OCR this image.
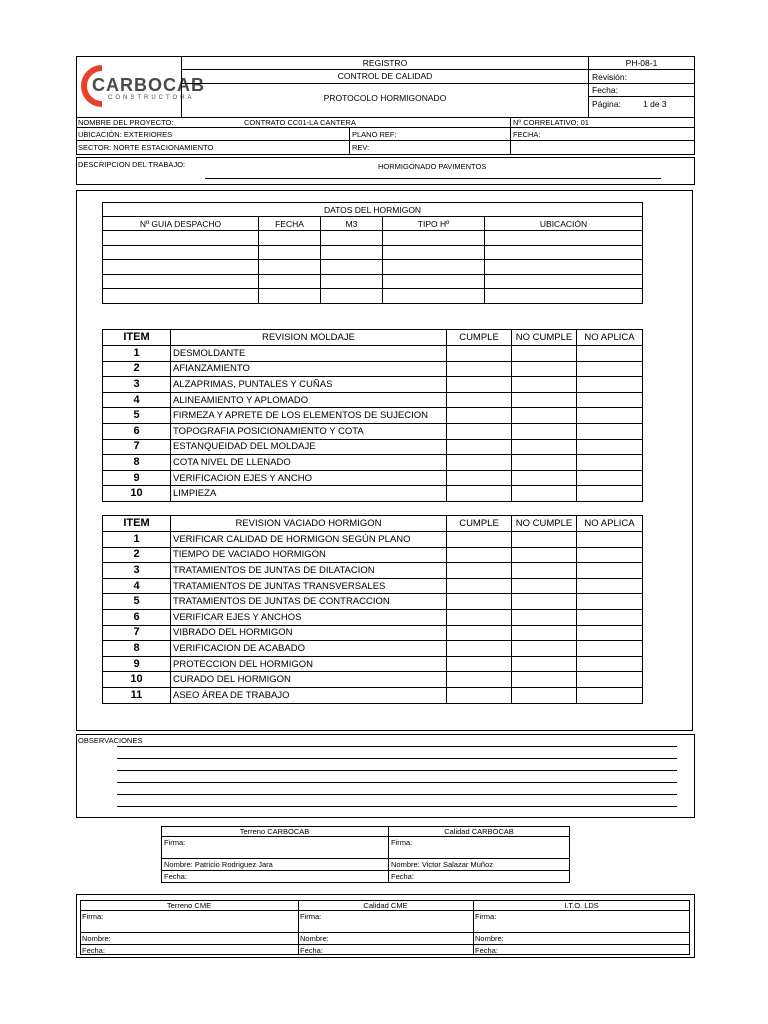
CARBOCAB
CONSTRUCTORA
REGISTRO
CONTROL DE CALIDAD
PROTOCOLO HORMIGONADO
PH-08-1
Revisión:
Fecha:
Página:	1 de 3
NOMBRE DEL PROYECTO:	CONTRATO CC01-LA CANTERA	Nº CORRELATIVO: 01
UBICACIÓN: EXTERIORES	PLANO REF:	FECHA:
SECTOR: NORTE ESTACIONAMIENTO	REV:
DESCRIPCION DEL TRABAJO:	HORMIGONADO PAVIMENTOS
DATOS DEL HORMIGON				
Nº GUIA DESPACHO	FECHA	M3	TIPO Hº	UBICACIÓN

ITEM	REVISION MOLDAJE	CUMPLE	NO CUMPLE	NO APLICA
1	DESMOLDANTE			
2	AFIANZAMIENTO			
3	ALZAPRIMAS, PUNTALES Y CUÑAS			
4	ALINEAMIENTO Y APLOMADO			
5	FIRMEZA Y APRETE DE LOS ELEMENTOS DE SUJECION			
6	TOPOGRAFIA POSICIONAMIENTO Y COTA			
7	ESTANQUEIDAD DEL MOLDAJE			
8	COTA NIVEL DE LLENADO			
9	VERIFICACION EJES Y ANCHO			
10	LIMPIEZA			
ITEM	REVISION VACIADO HORMIGON	CUMPLE	NO CUMPLE	NO APLICA
1	VERIFICAR CALIDAD DE HORMIGON SEGÚN PLANO			
2	TIEMPO DE VACIADO HORMIGON			
3	TRATAMIENTOS DE JUNTAS DE DILATACION			
4	TRATAMIENTOS DE JUNTAS TRANSVERSALES			
5	TRATAMIENTOS DE JUNTAS DE CONTRACCION			
6	VERIFICAR EJES Y ANCHOS			
7	VIBRADO DEL HORMIGON			
8	VERIFICACION DE ACABADO			
9	PROTECCION DEL HORMIGON			
10	CURADO DEL HORMIGON			
11	ASEO ÁREA DE TRABAJO			
OBSERVACIONES
Terreno CARBOCAB	Calidad CARBOCAB
Firma:	Firma:
Nombre: Patricio Rodriguez Jara	Nombre: Victor Salazar Muñoz
Fecha:	Fecha:
Terreno CME	Calidad CME	I.T.O. LDS
Firma:	Firma:	Firma:
Nombre:	Nombre:	Nombre:
Fecha:	Fecha:	Fecha:
